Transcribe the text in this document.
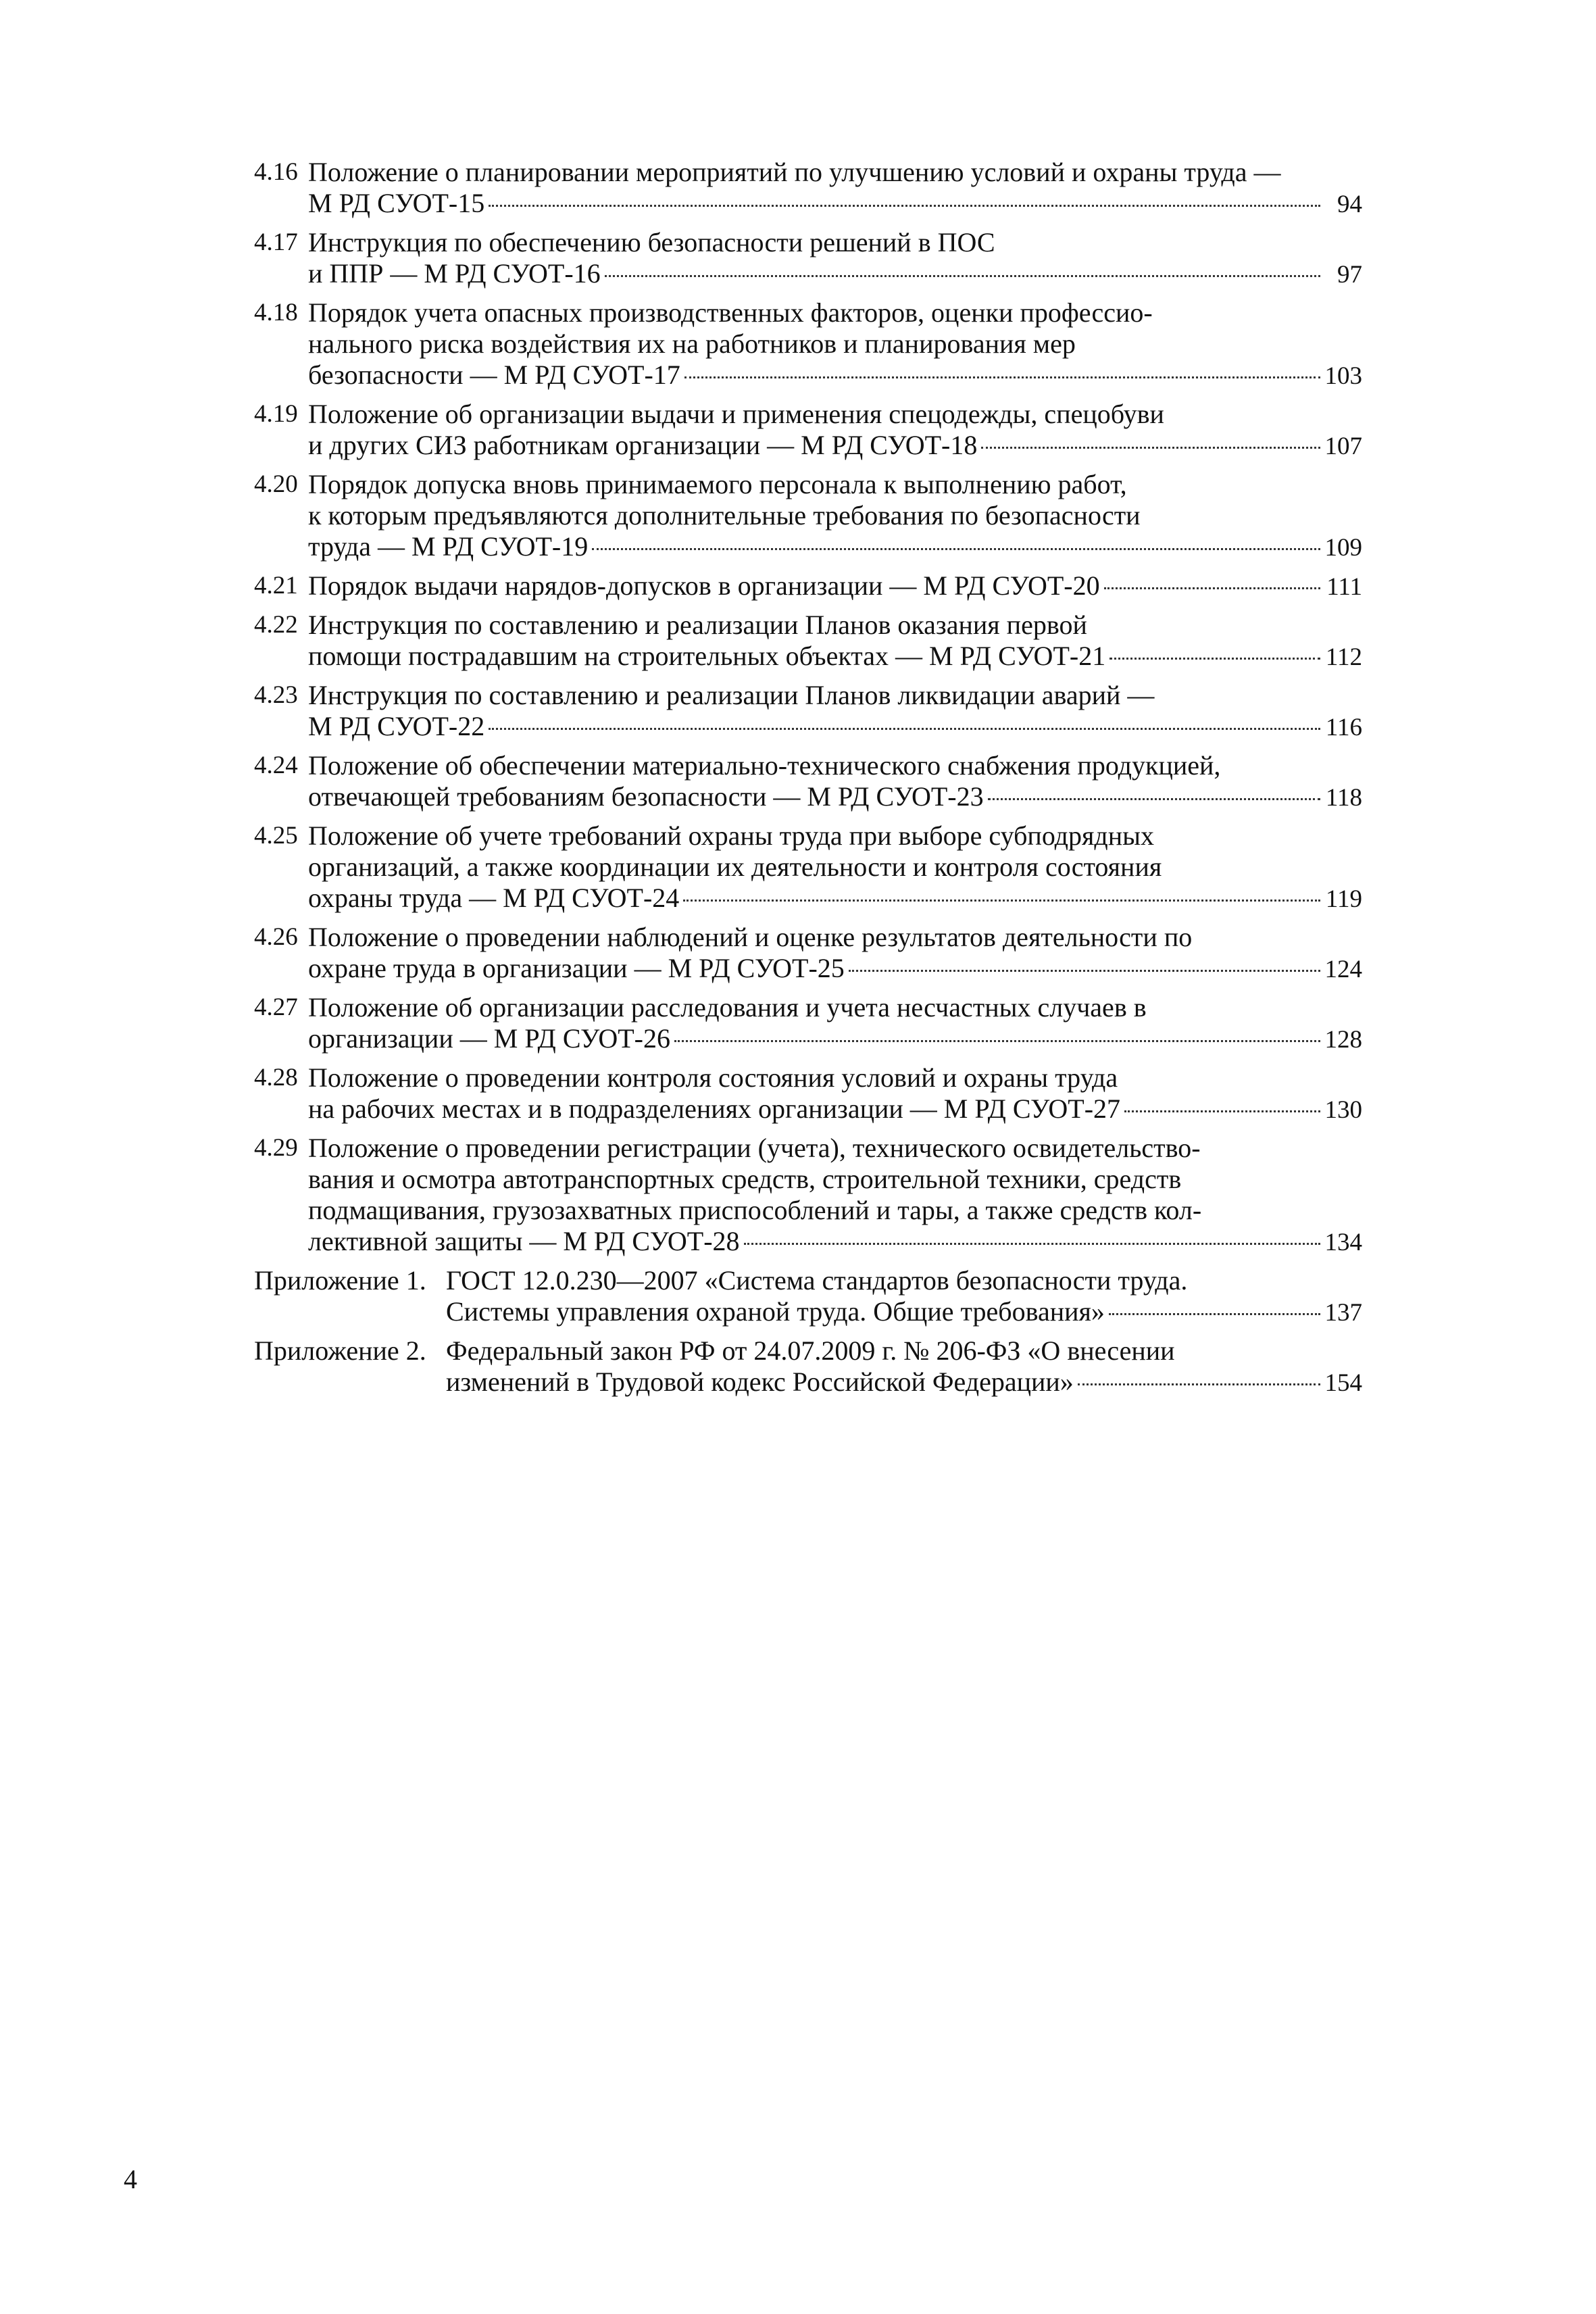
4.16 Положение о планировании мероприятий по улучшению условий и охраны труда —
М РД СУОТ-15	94
4.17 Инструкция по обеспечению безопасности решений в ПОС
и ППР — М РД СУОТ-16	97
4.18 Порядок учета опасных производственных факторов, оценки профессио-
нального риска воздействия их на работников и планирования мер
безопасности — М РД СУОТ-17	103
4.19 Положение об организации выдачи и применения спецодежды, спецобуви
и других СИЗ работникам организации — М РД СУОТ-18	107
4.20 Порядок допуска вновь принимаемого персонала к выполнению работ,
к которым предъявляются дополнительные требования по безопасности
труда — М РД СУОТ-19	109
4.21 Порядок выдачи нарядов-допусков в организации — М РД СУОТ-20	111
4.22 Инструкция по составлению и реализации Планов оказания первой
помощи пострадавшим на строительных объектах — М РД СУОТ-21	112
4.23 Инструкция по составлению и реализации Планов ликвидации аварий —
М РД СУОТ-22	116
4.24 Положение об обеспечении материально-технического снабжения продукцией,
отвечающей требованиям безопасности — М РД СУОТ-23	118
4.25 Положение об учете требований охраны труда при выборе субподрядных
организаций, а также координации их деятельности и контроля состояния
охраны труда — М РД СУОТ-24	119
4.26 Положение о проведении наблюдений и оценке результатов деятельности по
охране труда в организации — М РД СУОТ-25	124
4.27 Положение об организации расследования и учета несчастных случаев в
организации — М РД СУОТ-26	128
4.28 Положение о проведении контроля состояния условий и охраны труда
на рабочих местах и в подразделениях организации — М РД СУОТ-27	130
4.29 Положение о проведении регистрации (учета), технического освидетельство-
вания и осмотра автотранспортных средств, строительной техники, средств
подмащивания, грузозахватных приспособлений и тары, а также средств кол-
лективной защиты — М РД СУОТ-28	134
Приложение 1. ГОСТ 12.0.230—2007 «Система стандартов безопасности труда.
Системы управления охраной труда. Общие требования»	137
Приложение 2. Федеральный закон РФ от 24.07.2009 г. № 206-ФЗ «О внесении
изменений в Трудовой кодекс Российской Федерации»	154
4
